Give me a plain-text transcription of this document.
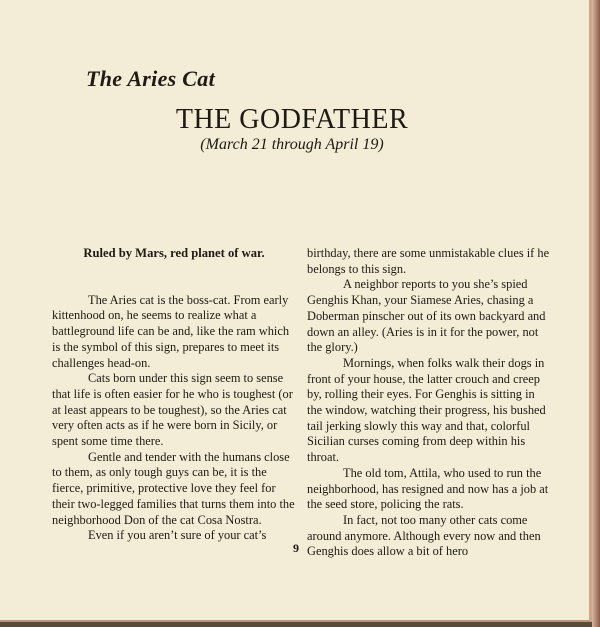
The Aries Cat
THE GODFATHER
(March 21 through April 19)

Ruled by Mars, red planet of war.

The Aries cat is the boss-cat. From early kittenhood on, he seems to realize what a battleground life can be and, like the ram which is the symbol of this sign, prepares to meet its challenges head-on.

Cats born under this sign seem to sense that life is often easier for he who is toughest (or at least appears to be toughest), so the Aries cat very often acts as if he were born in Sicily, or spent some time there.

Gentle and tender with the humans close to them, as only tough guys can be, it is the fierce, primitive, protective love they feel for their two-legged families that turns them into the neighborhood Don of the cat Cosa Nostra.

Even if you aren’t sure of your cat’s

birthday, there are some unmistakable clues if he belongs to this sign.

A neighbor reports to you she’s spied Genghis Khan, your Siamese Aries, chasing a Doberman pinscher out of its own backyard and down an alley. (Aries is in it for the power, not the glory.)

Mornings, when folks walk their dogs in front of your house, the latter crouch and creep by, rolling their eyes. For Genghis is sitting in the window, watching their progress, his bushed tail jerking slowly this way and that, colorful Sicilian curses coming from deep within his throat.

The old tom, Attila, who used to run the neighborhood, has resigned and now has a job at the seed store, policing the rats.

In fact, not too many other cats come around anymore. Although every now and then Genghis does allow a bit of hero

9
